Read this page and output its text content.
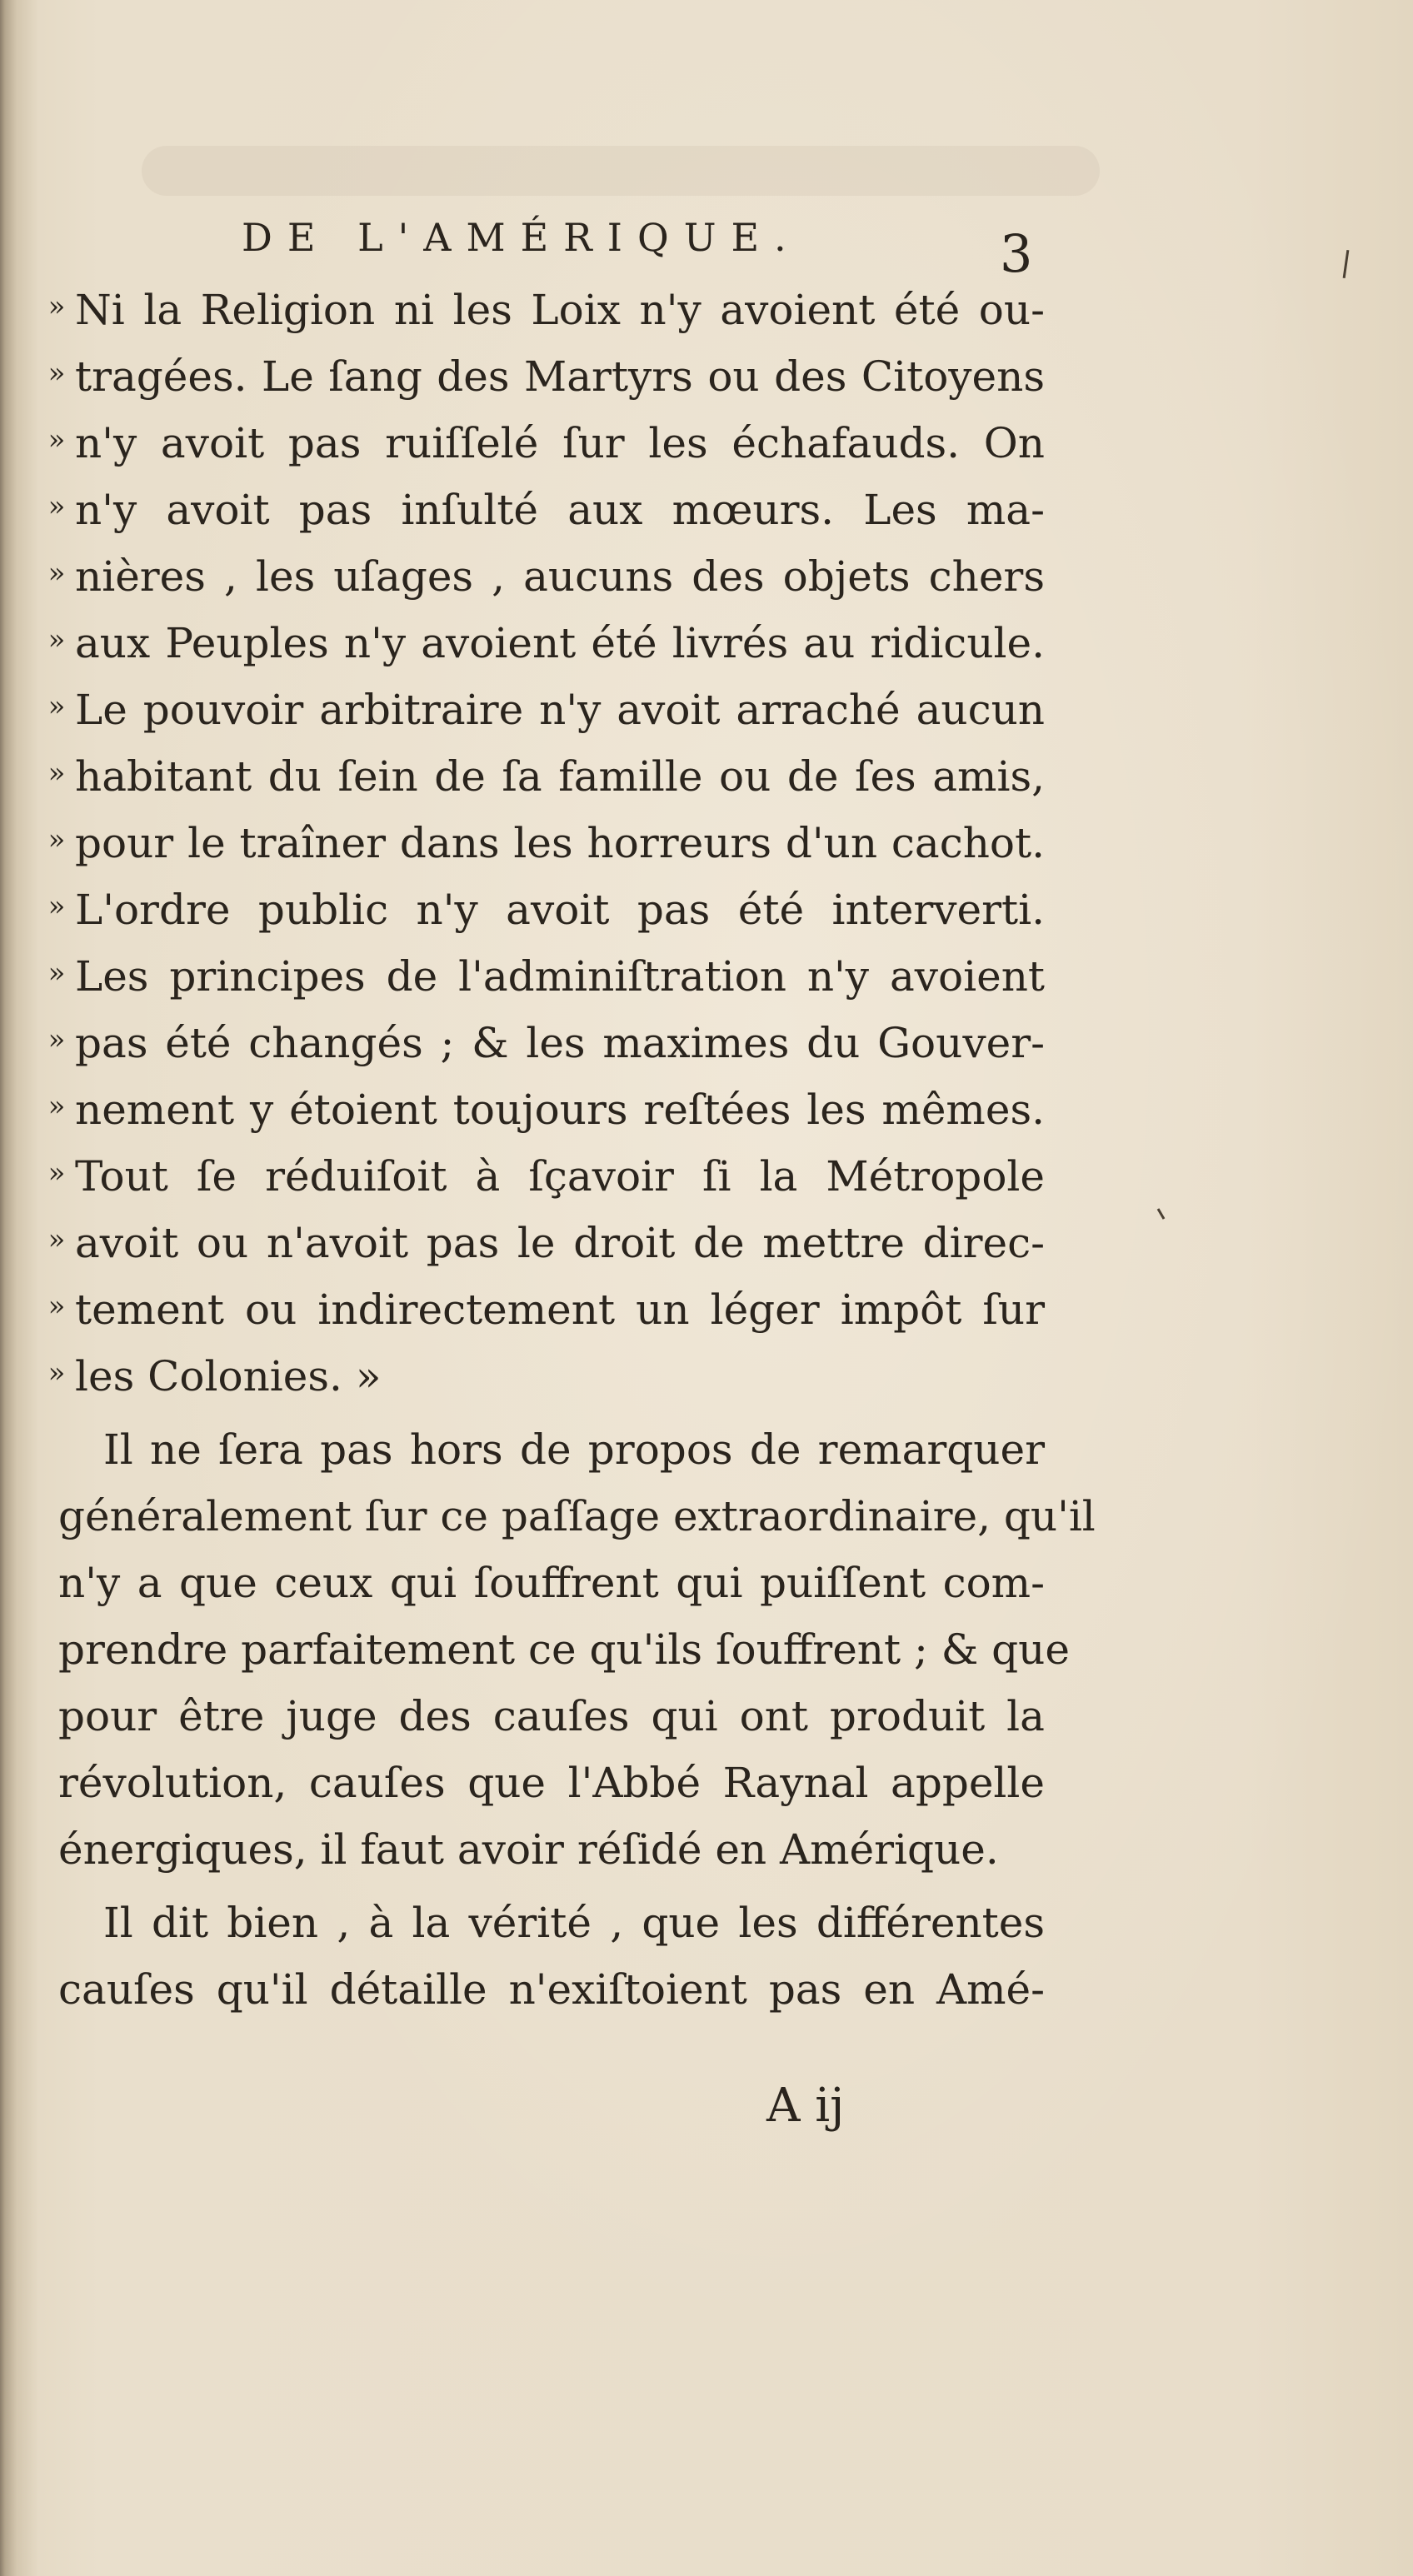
DE L'AMÉRIQUE.	3
» Ni la Religion ni les Loix n'y avoient été ou-
» tragées. Le ſang des Martyrs ou des Citoyens
» n'y avoit pas ruiſſelé ſur les échafauds. On
» n'y avoit pas inſulté aux mœurs. Les ma-
» nières , les uſages , aucuns des objets chers
» aux Peuples n'y avoient été livrés au ridicule.
» Le pouvoir arbitraire n'y avoit arraché aucun
» habitant du ſein de ſa famille ou de ſes amis,
» pour le traîner dans les horreurs d'un cachot.
» L'ordre public n'y avoit pas été interverti.
» Les principes de l'adminiſtration n'y avoient
» pas été changés ; & les maximes du Gouver-
» nement y étoient toujours reſtées les mêmes.
» Tout ſe réduiſoit à ſçavoir ſi la Métropole
» avoit ou n'avoit pas le droit de mettre direc-
» tement ou indirectement un léger impôt ſur
» les Colonies. »
Il ne ſera pas hors de propos de remarquer
généralement ſur ce paſſage extraordinaire, qu'il
n'y a que ceux qui ſouffrent qui puiſſent com-
prendre parfaitement ce qu'ils ſouffrent ; & que
pour être juge des cauſes qui ont produit la
révolution, cauſes que l'Abbé Raynal appelle
énergiques, il faut avoir réſidé en Amérique.
Il dit bien , à la vérité , que les différentes
cauſes qu'il détaille n'exiſtoient pas en Amé-
A ij
